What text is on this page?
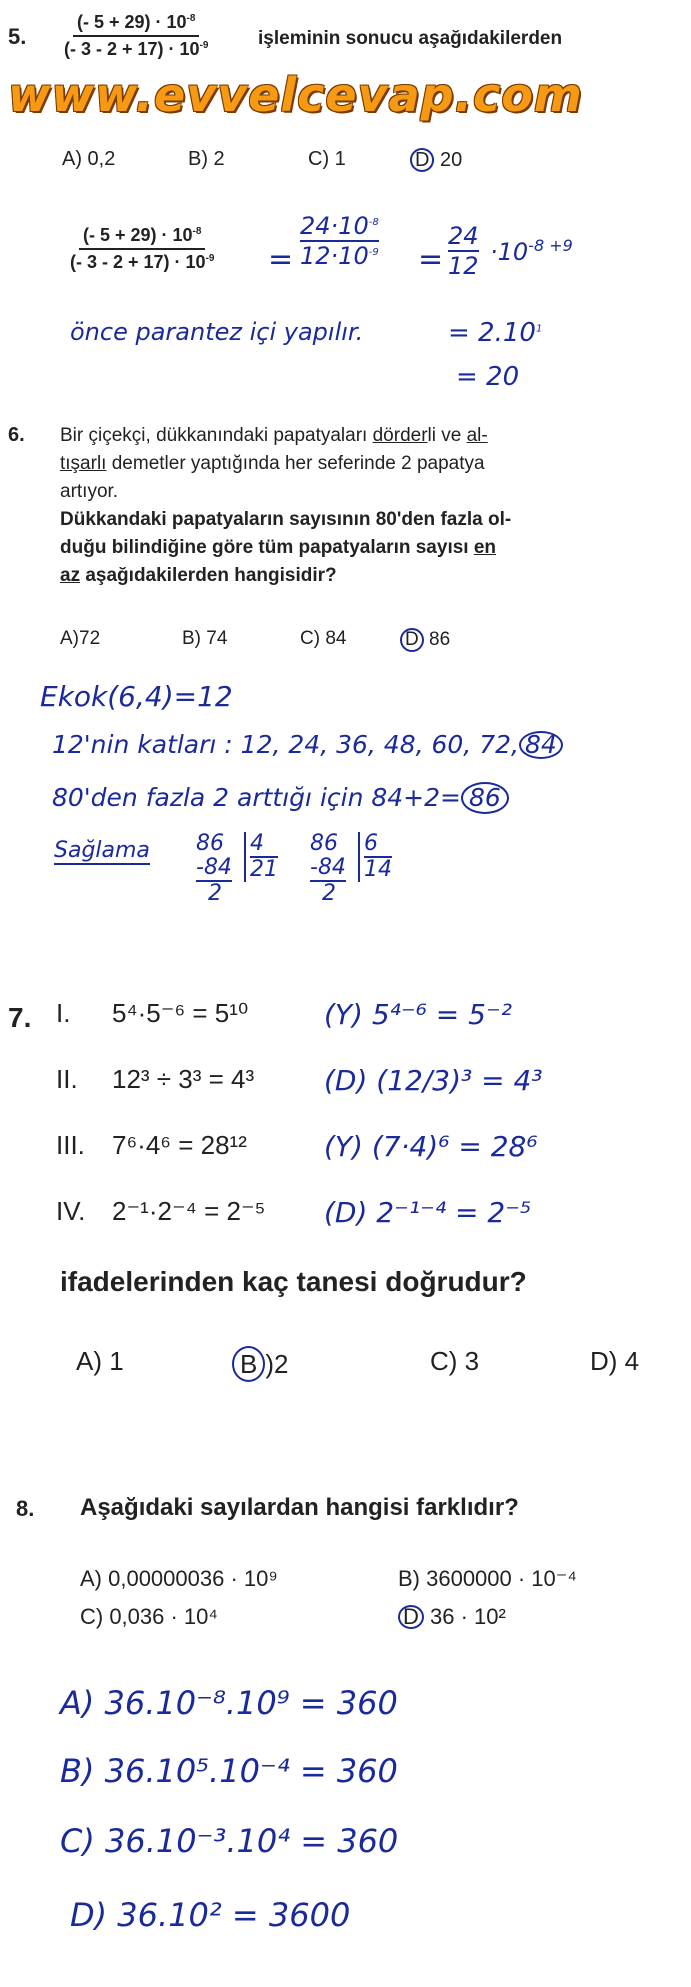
5. $\frac{(- 5 + 29) \cdot 10^{-8}}{(- 3 - 2 + 17) \cdot 10^{-9}}$ işleminin sonucu aşağıdakilerden
www.evvelcevap.com
A) 0,2	B) 2	C) 1	D 20
$\frac{(- 5 + 29) \cdot 10^{-8}}{(- 3 - 2 + 17) \cdot 10^{-9}}$ =
$24\cdot 10^{-8}$
$12\cdot 10^{-9} = \frac{24}{12} \cdot 10^{-8 +9}$
önce parantez içi yapılır.	= $2.10^1$
= 20
6. Bir çiçekçi, dükkanındaki papatyaları dörderli ve al-
tışarlı demetler yaptığında her seferinde 2 papatya
artıyor.
Dükkandaki papatyaların sayısının 80'den fazla ol-
duğu bilindiğine göre tüm papatyaların sayısı en
az aşağıdakilerden hangisidir?
A)72	B) 74	C) 84	D 86
Ekok(6,4)=12
12'nin katları : 12, 24, 36, 48, 60, 72, 84
80'den fazla 2 arttığı için 84+2= 86
Sağlama 86
-84
2
4
21
86
-84
2
6
14
7. I.	5⁴·5⁻⁶ = 5¹⁰	(Y) 5⁴⁻⁶ = 5⁻²
II.	12³ ÷ 3³ = 4³ (D) (12/3)³ = 4³
III.	7⁶·4⁶ = 28¹²	(Y) (7·4)⁶ = 28⁶
IV.	2⁻¹·2⁻⁴ = 2⁻⁵ (D) 2⁻¹⁻⁴ = 2⁻⁵
ifadelerinden kaç tanesi doğrudur?
A) 1	B )2	C) 3	D) 4
8. Aşağıdaki sayılardan hangisi farklıdır?
A) 0,00000036 · 10⁹	B) 3600000 · 10⁻⁴
C) 0,036 · 10⁴	D 36 · 10²
A) 36.10⁻⁸.10⁹ = 360
B) 36.10⁵.10⁻⁴ = 360
C) 36.10⁻³.10⁴ = 360
D) 36.10² = 3600
